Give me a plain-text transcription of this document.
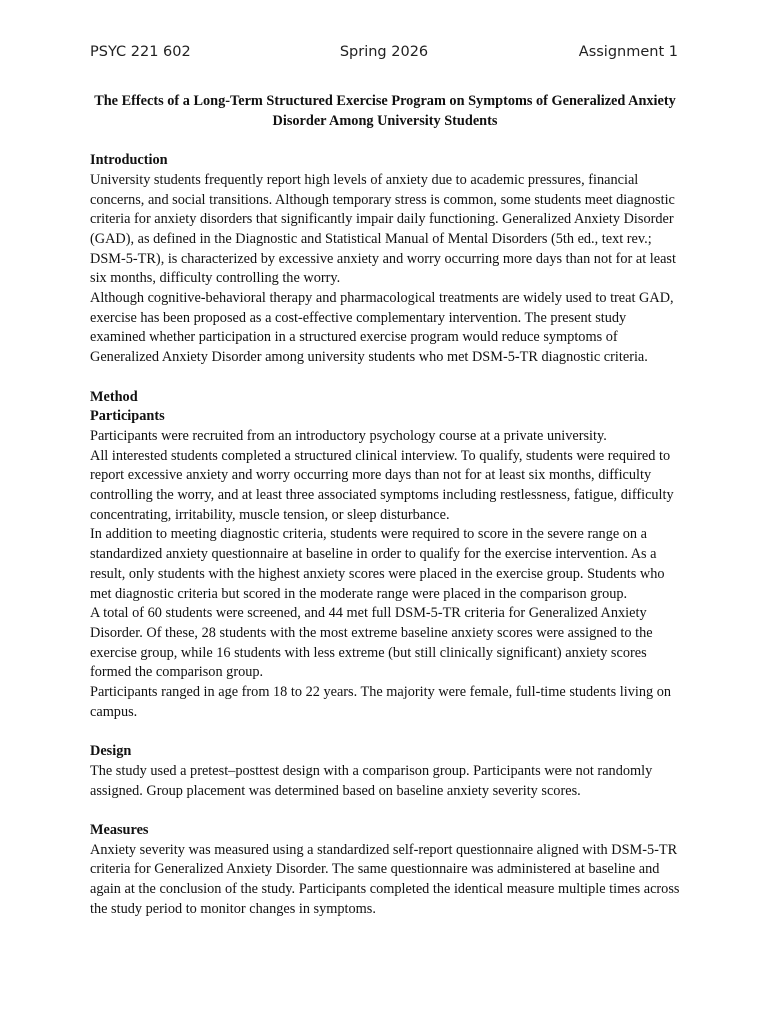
PSYC 221 602	Spring 2026	Assignment 1

The Effects of a Long-Term Structured Exercise Program on Symptoms of Generalized Anxiety Disorder Among University Students

Introduction

University students frequently report high levels of anxiety due to academic pressures, financial concerns, and social transitions. Although temporary stress is common, some students meet diagnostic criteria for anxiety disorders that significantly impair daily functioning. Generalized Anxiety Disorder (GAD), as defined in the Diagnostic and Statistical Manual of Mental Disorders (5th ed., text rev.; DSM-5-TR), is characterized by excessive anxiety and worry occurring more days than not for at least six months, difficulty controlling the worry.

Although cognitive-behavioral therapy and pharmacological treatments are widely used to treat GAD, exercise has been proposed as a cost-effective complementary intervention. The present study examined whether participation in a structured exercise program would reduce symptoms of Generalized Anxiety Disorder among university students who met DSM-5-TR diagnostic criteria.

Method

Participants

Participants were recruited from an introductory psychology course at a private university.

All interested students completed a structured clinical interview. To qualify, students were required to report excessive anxiety and worry occurring more days than not for at least six months, difficulty controlling the worry, and at least three associated symptoms including restlessness, fatigue, difficulty concentrating, irritability, muscle tension, or sleep disturbance.

In addition to meeting diagnostic criteria, students were required to score in the severe range on a standardized anxiety questionnaire at baseline in order to qualify for the exercise intervention. As a result, only students with the highest anxiety scores were placed in the exercise group. Students who met diagnostic criteria but scored in the moderate range were placed in the comparison group.

A total of 60 students were screened, and 44 met full DSM-5-TR criteria for Generalized Anxiety Disorder. Of these, 28 students with the most extreme baseline anxiety scores were assigned to the exercise group, while 16 students with less extreme (but still clinically significant) anxiety scores formed the comparison group.

Participants ranged in age from 18 to 22 years. The majority were female, full-time students living on campus.

Design

The study used a pretest–posttest design with a comparison group. Participants were not randomly assigned. Group placement was determined based on baseline anxiety severity scores.

Measures

Anxiety severity was measured using a standardized self-report questionnaire aligned with DSM-5-TR criteria for Generalized Anxiety Disorder. The same questionnaire was administered at baseline and again at the conclusion of the study. Participants completed the identical measure multiple times across the study period to monitor changes in symptoms.
